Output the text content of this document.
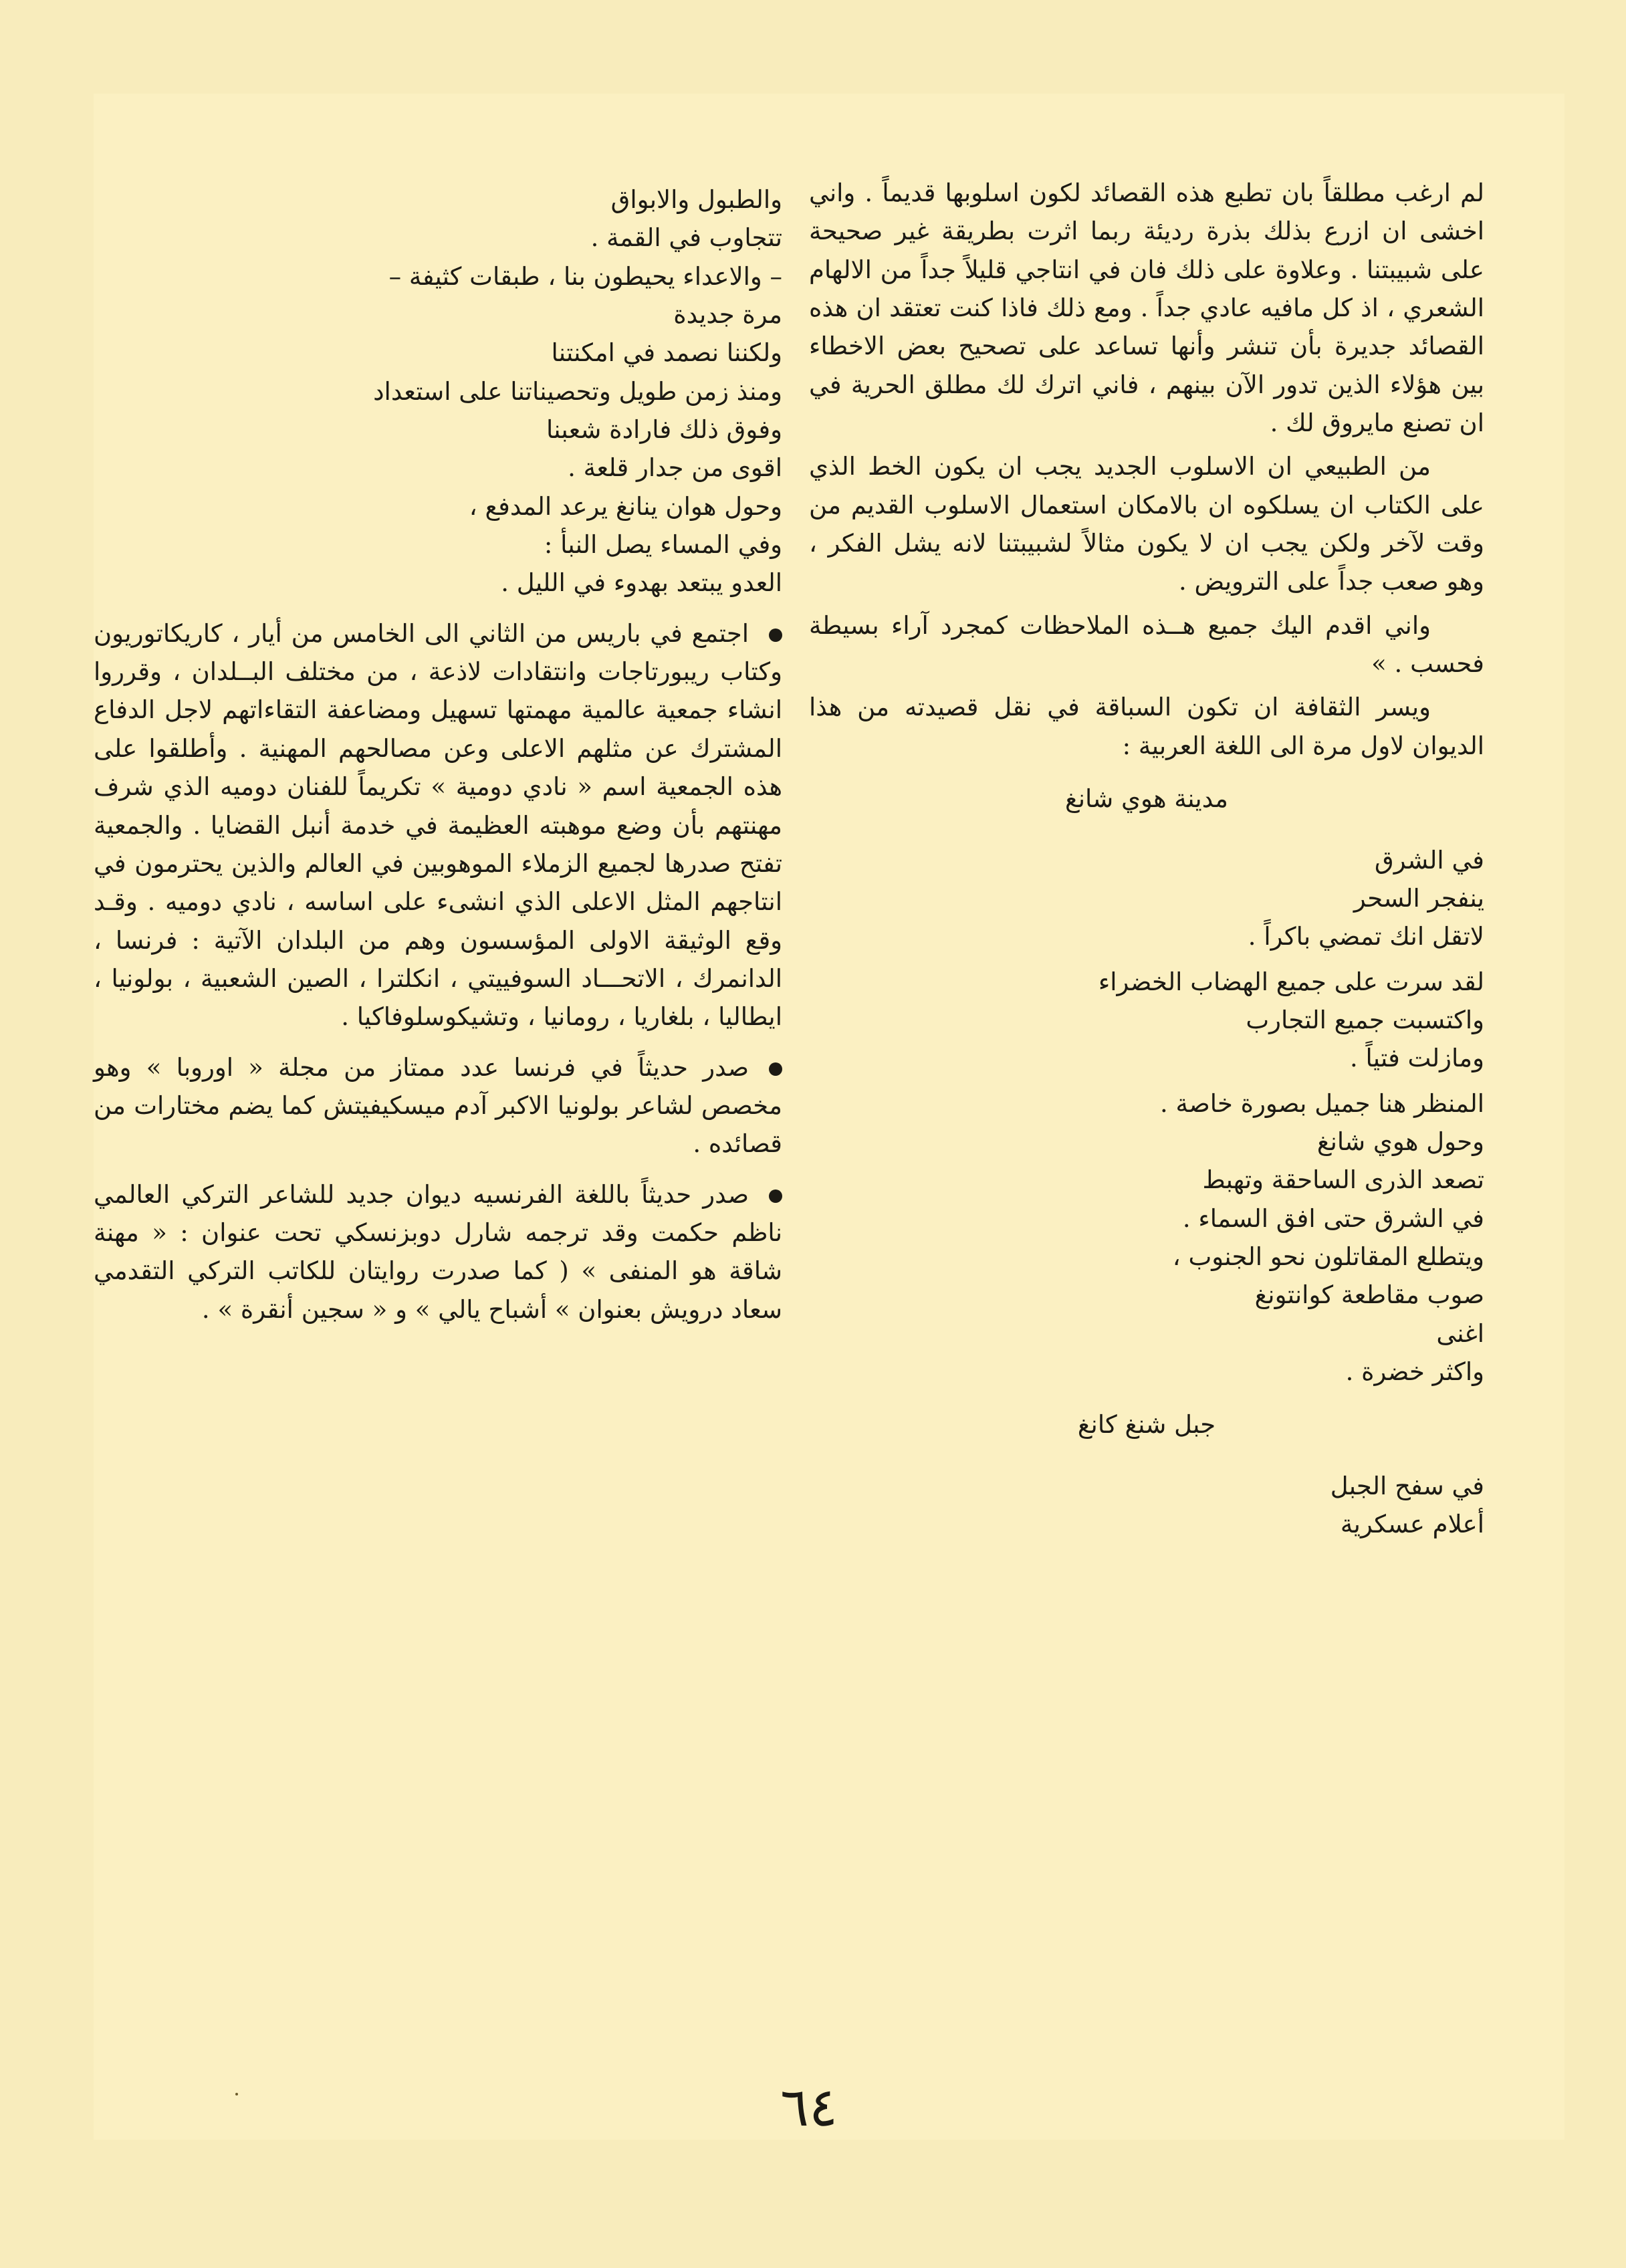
لم ارغب مطلقاً بان تطبع هذه القصائد لكون اسلوبها قديماً . واني اخشى ان ازرع بذلك بذرة رديئة ربما اثرت بطريقة غير صحيحة على شبيبتنا . وعلاوة على ذلك فان في انتاجي قليلاً جداً من الالهام الشعري ، اذ كل مافيه عادي جداً . ومع ذلك فاذا كنت تعتقد ان هذه القصائد جديرة بأن تنشر وأنها تساعد على تصحيح بعض الاخطاء بين هؤلاء الذين تدور الآن بينهم ، فاني اترك لك مطلق الحرية في ان تصنع مايروق لك .

من الطبيعي ان الاسلوب الجديد يجب ان يكون الخط الذي على الكتاب ان يسلكوه ان بالامكان استعمال الاسلوب القديم من وقت لآخر ولكن يجب ان لا يكون مثالاً لشبيبتنا لانه يشل الفكر ، وهو صعب جداً على الترويض .

واني اقدم اليك جميع هــذه الملاحظات كمجرد آراء بسيطة فحسب . »

ويسر الثقافة ان تكون السباقة في نقل قصيدته من هذا الديوان لاول مرة الى اللغة العربية :

مدينة هوي شانغ

في الشرق

ينفجر السحر

لاتقل انك تمضي باكراً .

لقد سرت على جميع الهضاب الخضراء

واكتسبت جميع التجارب

ومازلت فتياً .

المنظر هنا جميل بصورة خاصة .

وحول هوي شانغ

تصعد الذرى الساحقة وتهبط

في الشرق حتى افق السماء .

ويتطلع المقاتلون نحو الجنوب ،

صوب مقاطعة كوانتونغ

اغنى

واكثر خضرة .

جبل شنغ كانغ

في سفح الجبل

أعلام عسكرية

والطبول والابواق

تتجاوب في القمة .

– والاعداء يحيطون بنا ، طبقات كثيفة –

مرة جديدة

ولكننا نصمد في امكنتنا

ومنذ زمن طويل وتحصيناتنا على استعداد

وفوق ذلك فارادة شعبنا

اقوى من جدار قلعة .

وحول هوان ينانغ يرعد المدفع ،

وفي المساء يصل النبأ :

العدو يبتعد بهدوء في الليل .

اجتمع في باريس من الثاني الى الخامس من أيار ، كاريكاتوريون وكتاب ريبورتاجات وانتقادات لاذعة ، من مختلف البــلدان ، وقرروا انشاء جمعية عالمية مهمتها تسهيل ومضاعفة التقاءاتهم لاجل الدفاع المشترك عن مثلهم الاعلى وعن مصالحهم المهنية . وأطلقوا على هذه الجمعية اسم « نادي دومية » تكريماً للفنان دوميه الذي شرف مهنتهم بأن وضع موهبته العظيمة في خدمة أنبل القضايا . والجمعية تفتح صدرها لجميع الزملاء الموهوبين في العالم والذين يحترمون في انتاجهم المثل الاعلى الذي انشىء على اساسه ، نادي دوميه . وقـد وقع الوثيقة الاولى المؤسسون وهم من البلدان الآتية : فرنسا ، الدانمرك ، الاتحـــاد السوفييتي ، انكلترا ، الصين الشعبية ، بولونيا ، ايطاليا ، بلغاريا ، رومانيا ، وتشيكوسلوفاكيا .
صدر حديثاً في فرنسا عدد ممتاز من مجلة « اوروبا » وهو مخصص لشاعر بولونيا الاكبر آدم ميسكيفيتش كما يضم مختارات من قصائده .
صدر حديثاً باللغة الفرنسيه ديوان جديد للشاعر التركي العالمي ناظم حكمت وقد ترجمه شارل دوبزنسكي تحت عنوان : « مهنة شاقة هو المنفى » ( كما صدرت روايتان للكاتب التركي التقدمي سعاد درويش بعنوان » أشباح يالي » و « سجين أنقرة » .
٦٤
